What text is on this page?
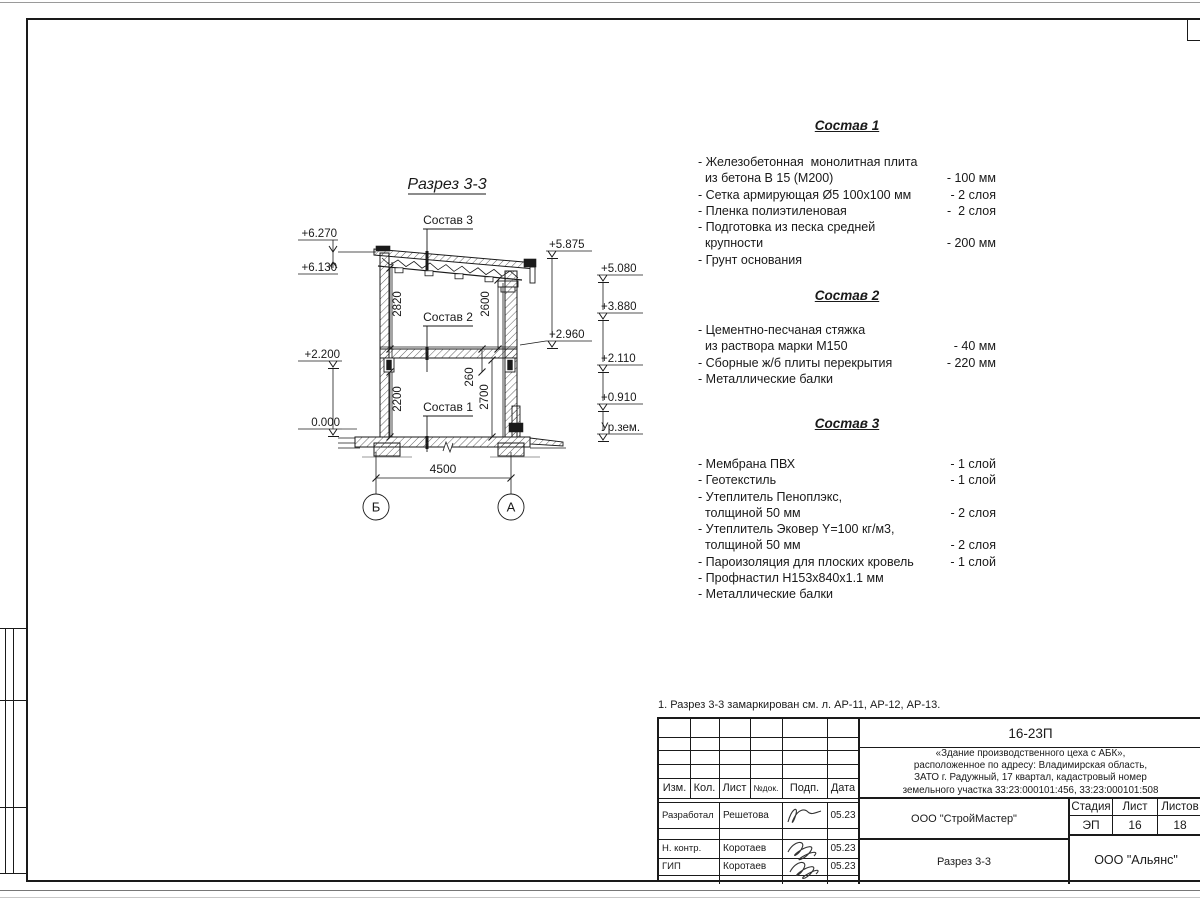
Разрез 3-3
Состав 3
Состав 2
Состав 1
2820	2600
2200
260
2700
4500
Б	А
+6.270
+6.130
+2.200
0.000
+5.875
+2.960
+5.080
+3.880
+2.110
+0.910
Ур.зем.
Состав 1
- Железобетонная  монолитная плита
из бетона В 15 (М200)	- 100 мм
- Сетка армирующая Ø5 100x100 мм	- 2 слоя
- Пленка полиэтиленовая	-  2 слоя
- Подготовка из песка средней
крупности	- 200 мм
- Грунт основания
Состав 2
- Цементно-песчаная стяжка
из раствора марки М150	- 40 мм
- Сборные ж/б плиты перекрытия	- 220 мм
- Металлические балки
Состав 3
- Мембрана ПВХ	- 1 слой
- Геотекстиль	- 1 слой
- Утеплитель Пеноплэкс,
толщиной 50 мм	- 2 слоя
- Утеплитель Эковер Y=100 кг/м3,
толщиной 50 мм	- 2 слоя
- Пароизоляция для плоских кровель	- 1 слой
- Профнастил Н153х840х1.1 мм
- Металлические балки
1. Разрез 3-3 замаркирован см. л. АР-11, АР-12, АР-13.
Изм. Кол. Лист №док.	Подп.	Дата
Разработал Решетова	05.23
Н. контр.	Коротаев	05.23
ГИП	Коротаев	05.23
16-23П
«Здание производственного цеха с АБК»,
расположенное по адресу: Владимирская область,
ЗАТО г. Радужный, 17 квартал, кадастровый номер
земельного участка 33:23:000101:456, 33:23:000101:508
ООО "СтройМастер"
Разрез 3-3
Стадия	Лист	Листов
ЭП	16	18
ООО "Альянс"
